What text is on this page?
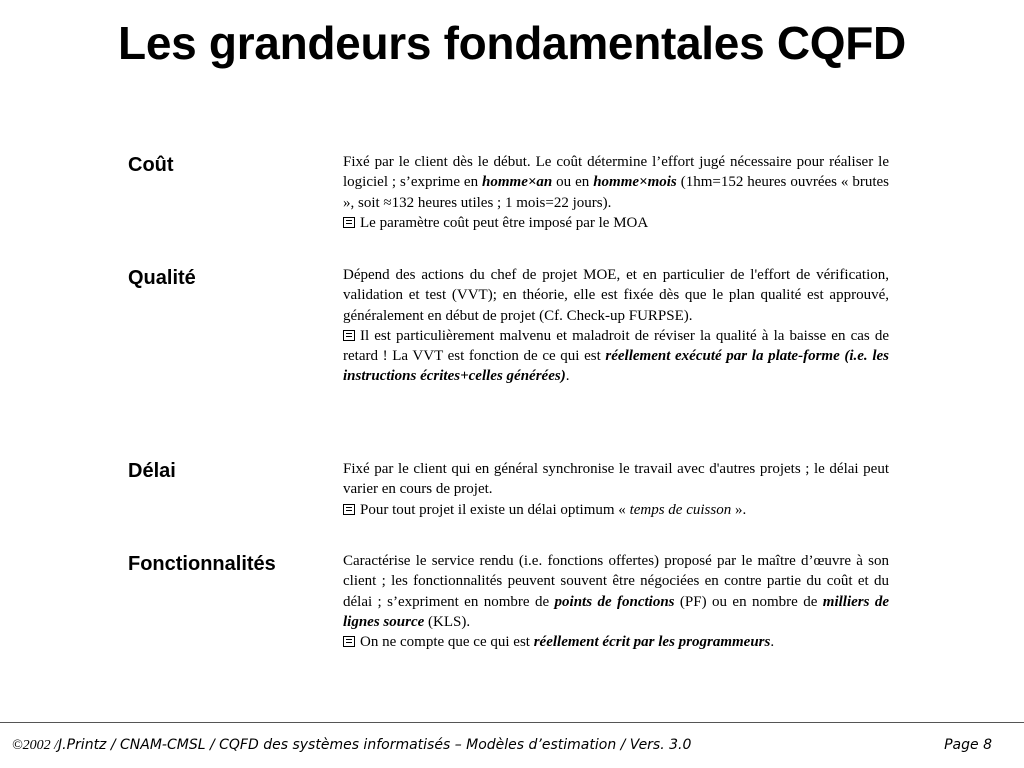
Les grandeurs fondamentales CQFD
Coût	Fixé par le client dès le début. Le coût détermine l’effort jugé nécessaire pour réaliser le logiciel ; s’exprime en homme×an ou en homme×mois (1hm=152 heures ouvrées « brutes », soit ≈132 heures utiles ; 1 mois=22 jours).

Le paramètre coût peut être imposé par le MOA

Qualité	Dépend des actions du chef de projet MOE, et en particulier de l'effort de vérification, validation et test (VVT); en théorie, elle est fixée dès que le plan qualité est approuvé, généralement en début de projet (Cf. Check-up FURPSE).

Il est particulièrement malvenu et maladroit de réviser la qualité à la baisse en cas de retard ! La VVT est fonction de ce qui est réellement exécuté par la plate-forme (i.e. les instructions écrites+celles générées).

Délai	Fixé par le client qui en général synchronise le travail avec d'autres projets ; le délai peut varier en cours de projet.

Pour tout projet il existe un délai optimum « temps de cuisson ».

Fonctionnalités	Caractérise le service rendu (i.e. fonctions offertes) proposé par le maître d’œuvre à son client ; les fonctionnalités peuvent souvent être négociées en contre partie du coût et du délai ; s’expriment en nombre de points de fonctions (PF) ou en nombre de milliers de lignes source (KLS).

On ne compte que ce qui est réellement écrit par les programmeurs.

©2002 /J.Printz / CNAM-CMSL / CQFD des systèmes informatisés – Modèles d’estimation / Vers. 3.0	Page 8
